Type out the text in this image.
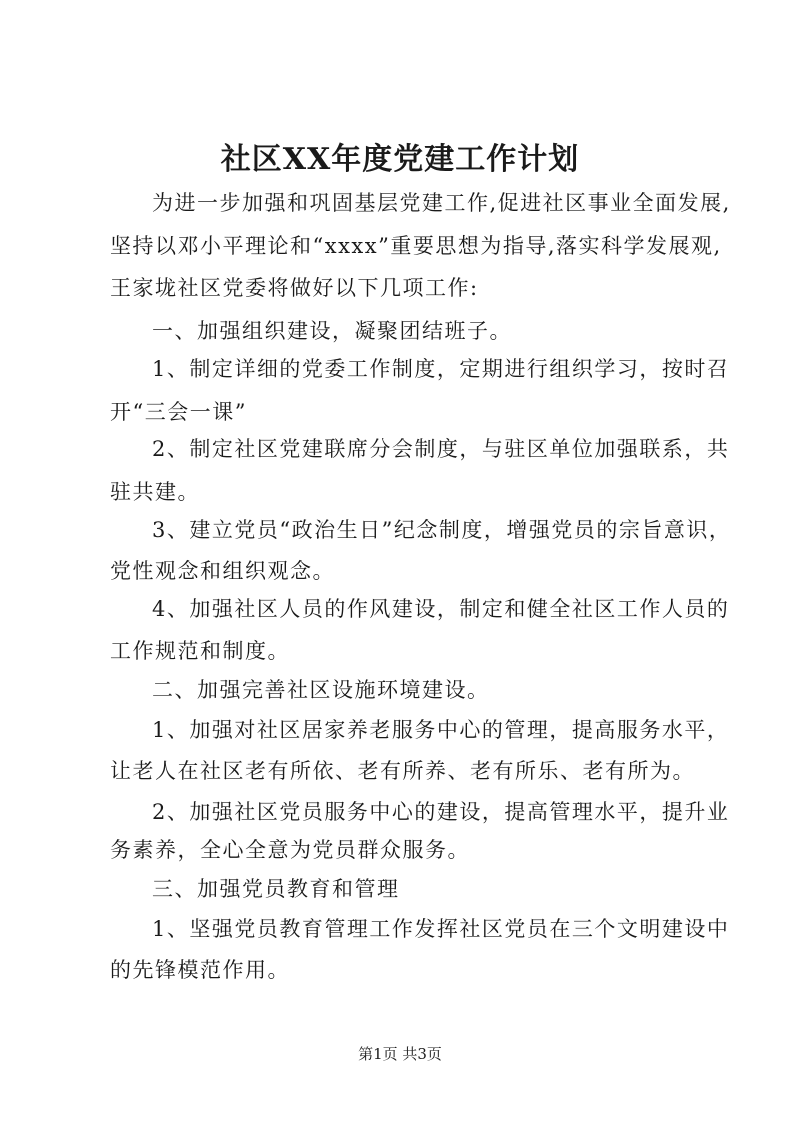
社区XX年度党建工作计划
为进一步加强和巩固基层党建工作,促进社区事业全面发展,
坚持以邓小平理论和“xxxx”重要思想为指导,落实科学发展观,
王家垅社区党委将做好以下几项工作:
一、加强组织建设，凝聚团结班子。
1、制定详细的党委工作制度，定期进行组织学习，按时召
开“三会一课”
2、制定社区党建联席分会制度，与驻区单位加强联系，共
驻共建。
3、建立党员“政治生日”纪念制度，增强党员的宗旨意识，
党性观念和组织观念。
4、加强社区人员的作风建设，制定和健全社区工作人员的
工作规范和制度。
二、加强完善社区设施环境建设。
1、加强对社区居家养老服务中心的管理，提高服务水平，
让老人在社区老有所依、老有所养、老有所乐、老有所为。
2、加强社区党员服务中心的建设，提高管理水平，提升业
务素养，全心全意为党员群众服务。
三、加强党员教育和管理
1、坚强党员教育管理工作发挥社区党员在三个文明建设中
的先锋模范作用。
第1页 共3页
